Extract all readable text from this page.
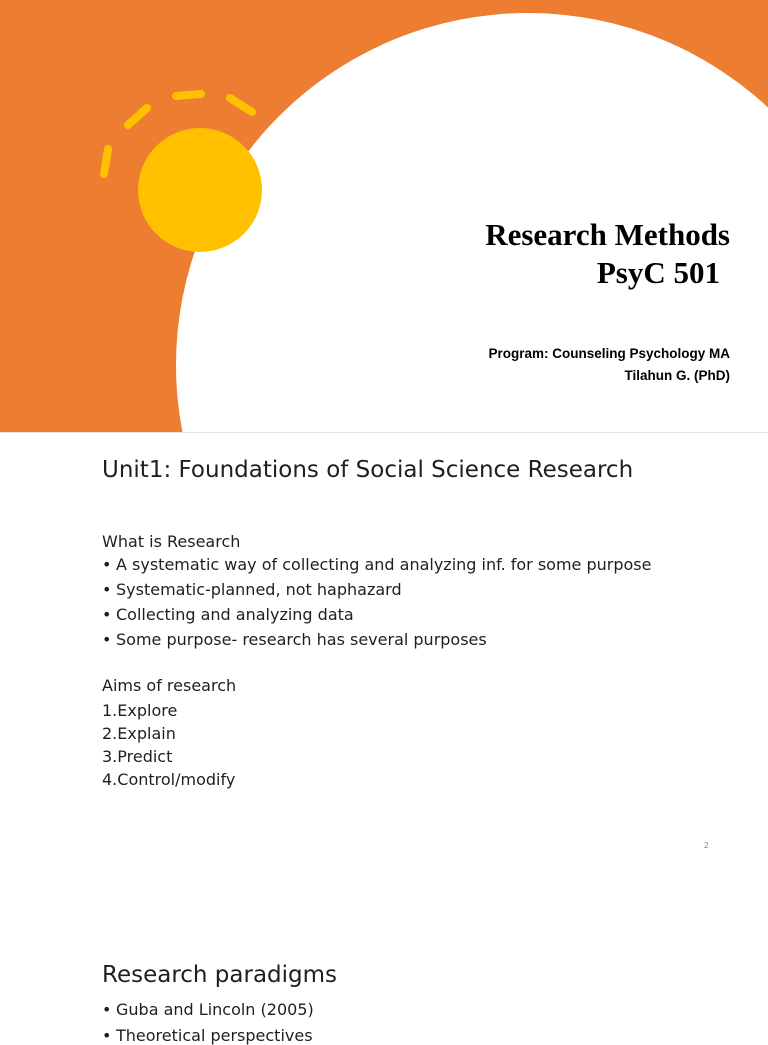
Research Methods
PsyC 501
Program: Counseling Psychology MA
Tilahun G. (PhD)
Unit1: Foundations of Social Science Research

What is Research

• A systematic way of collecting and analyzing inf. for some purpose
• Systematic-planned, not haphazard
• Collecting and analyzing data
• Some purpose- research has several purposes

Aims of research

1.Explore
2.Explain
3.Predict
4.Control/modify
2
Research paradigms
• Guba and Lincoln (2005)
• Theoretical perspectives
